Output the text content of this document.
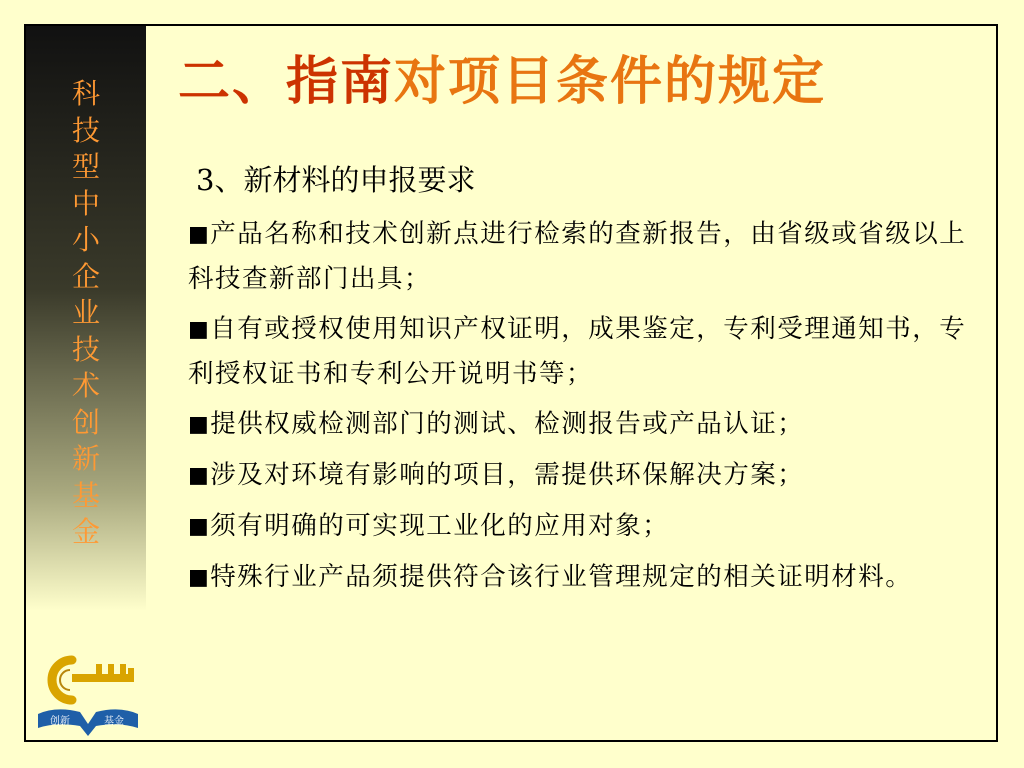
科
技
型
中
小
企
业
技
术
创
新
基
金
创新	基金
二、指南对项目条件的规定
3、新材料的申报要求
■产品名称和技术创新点进行检索的查新报告，由省级或省级以上科技查新部门出具；
■自有或授权使用知识产权证明，成果鉴定，专利受理通知书，专利授权证书和专利公开说明书等；
■提供权威检测部门的测试、检测报告或产品认证；
■涉及对环境有影响的项目，需提供环保解决方案；
■须有明确的可实现工业化的应用对象；
■特殊行业产品须提供符合该行业管理规定的相关证明材料。
